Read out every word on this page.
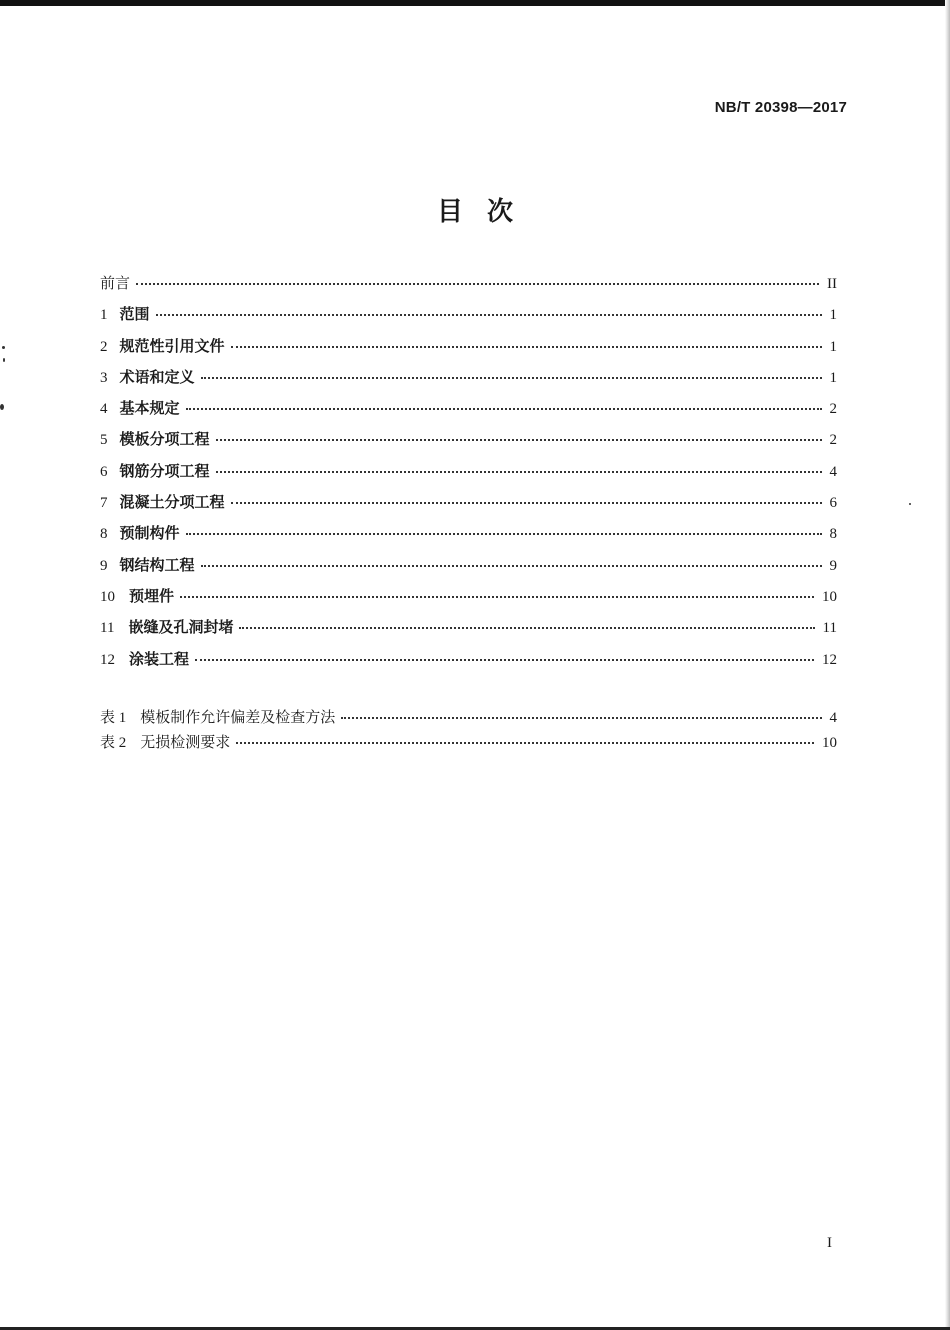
NB/T 20398—2017
目 次
前言	II
1 范围	1
2 规范性引用文件	1
3 术语和定义	1
4 基本规定	2
5 模板分项工程	2
6 钢筋分项工程	4
7 混凝土分项工程	6
8 预制构件	8
9 钢结构工程	9
10 预埋件	10
11 嵌缝及孔洞封堵	11
12 涂装工程	12
表 1 模板制作允许偏差及检查方法	4
表 2 无损检测要求	10
I
